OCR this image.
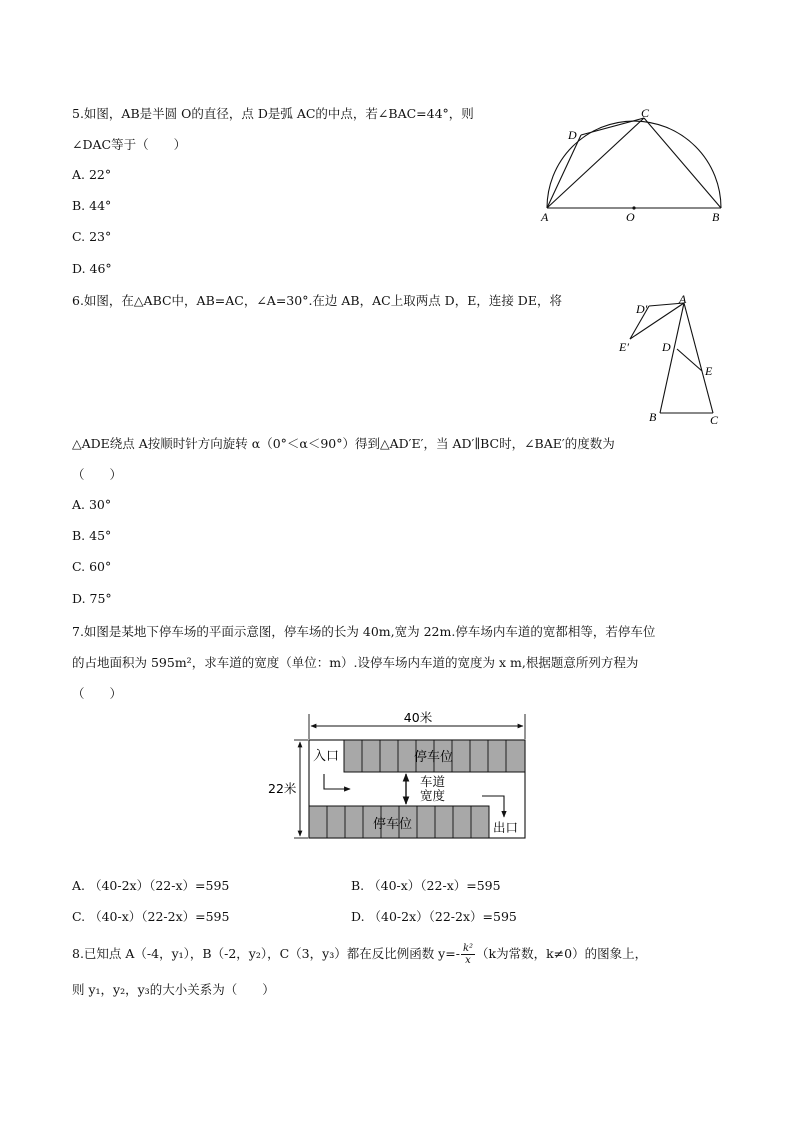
5.如图，AB是半圆 O的直径，点 D是弧 AC的中点，若∠BAC=44°，则
∠DAC等于（　　）
A. 22°
B. 44°
C. 23°
D. 46°
A	B
C
D
O
6.如图，在△ABC中，AB=AC，∠A=30°.在边 AB，AC上取两点 D，E，连接 DE，将	A
B	C
D
E
D′
E′
△ADE绕点 A按顺时针方向旋转 α（0°＜α＜90°）得到△AD′E′，当 AD′∥BC时，∠BAE′的度数为
（　　）
A. 30°
B. 45°
C. 60°
D. 75°
7.如图是某地下停车场的平面示意图，停车场的长为 40m,宽为 22m.停车场内车道的宽都相等，若停车位
的占地面积为 595m²，求车道的宽度（单位：m）.设停车场内车道的宽度为 x m,根据题意所列方程为
（　　）
40米
22米
入口	停车位
停车位	出口
车道
宽度
A. （40-2x）（22-x）=595	B. （40-x）（22-x）=595
C. （40-x）（22-2x）=595	D. （40-2x）（22-2x）=595
8.已知点 A（-4，y₁），B（-2，y₂），C（3，y₃）都在反比例函数 $y=- \frac{\text{k²}}{x} (k$为常数，k≠0）的图象上，
则 y₁，y₂，y₃的大小关系为（　　）
